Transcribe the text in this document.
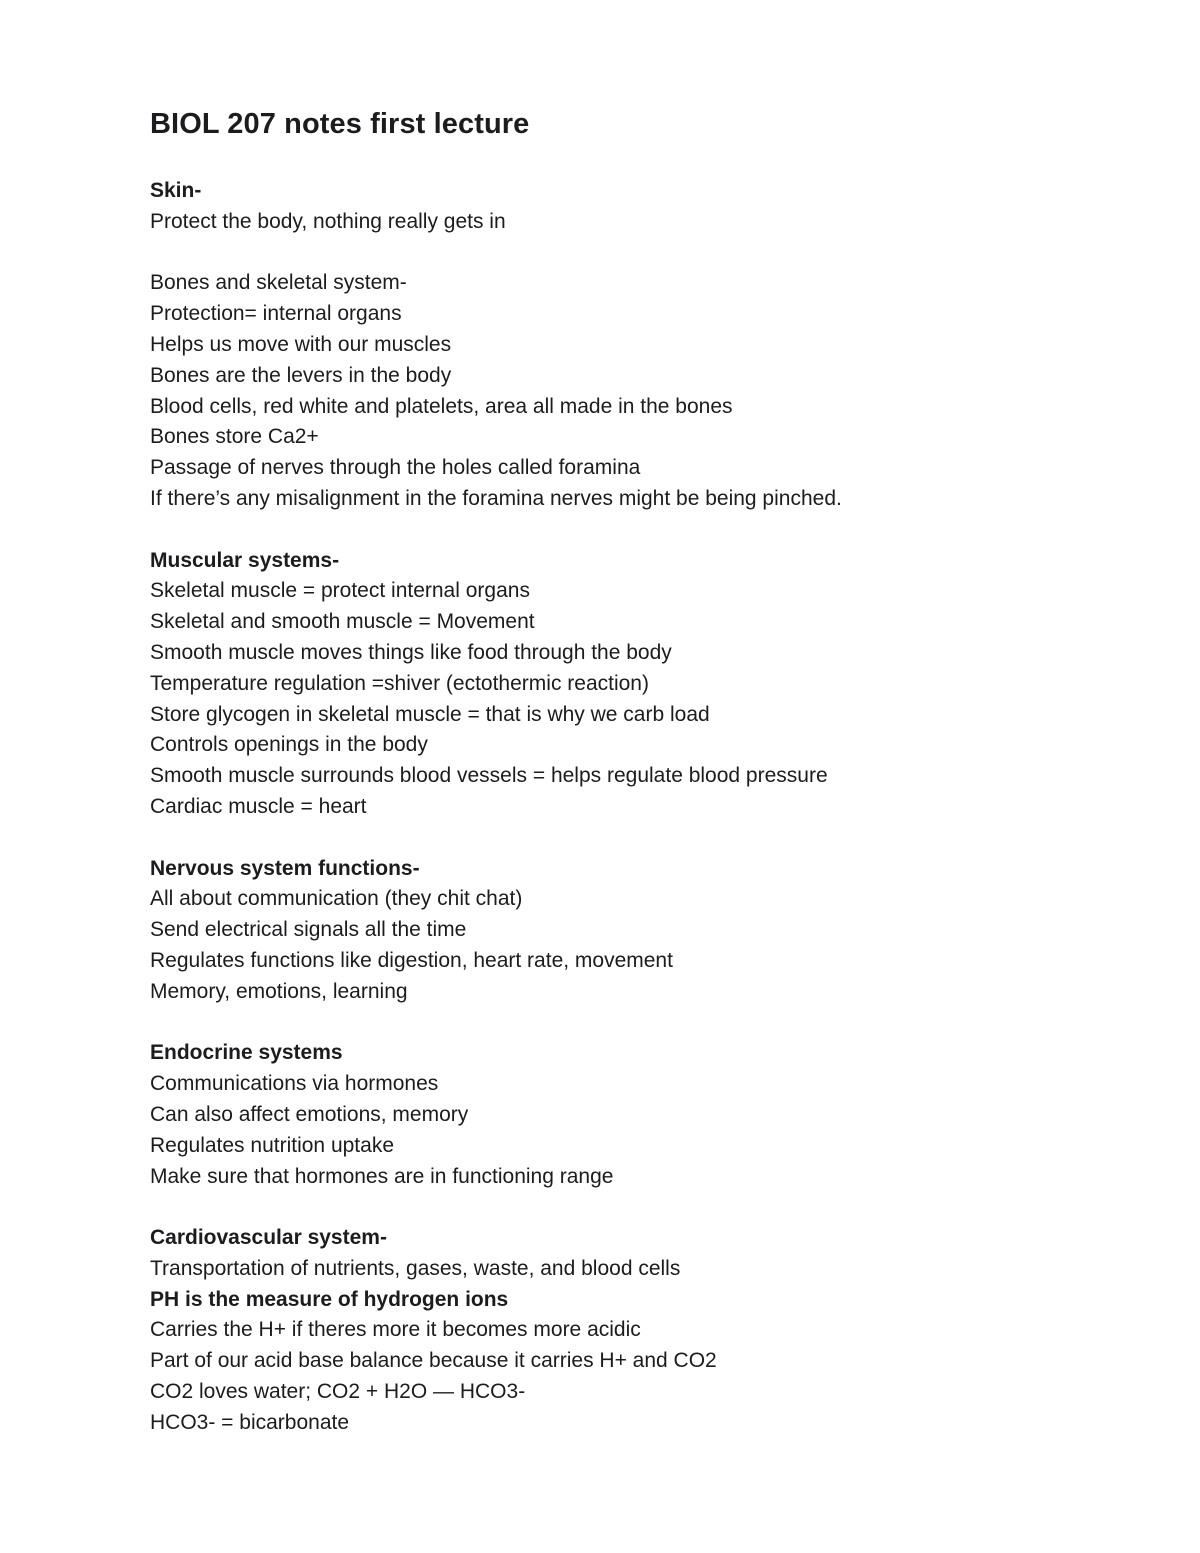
BIOL 207 notes first lecture
Skin-
Protect the body, nothing really gets in
Bones and skeletal system-
Protection= internal organs
Helps us move with our muscles
Bones are the levers in the body
Blood cells, red white and platelets, area all made in the bones
Bones store Ca2+
Passage of nerves through the holes called foramina
If there’s any misalignment in the foramina nerves might be being pinched.
Muscular systems-
Skeletal muscle = protect internal organs
Skeletal and smooth muscle = Movement
Smooth muscle moves things like food through the body
Temperature regulation =shiver (ectothermic reaction)
Store glycogen in skeletal muscle = that is why we carb load
Controls openings in the body
Smooth muscle surrounds blood vessels = helps regulate blood pressure
Cardiac muscle = heart
Nervous system functions-
All about communication (they chit chat)
Send electrical signals all the time
Regulates functions like digestion, heart rate, movement
Memory, emotions, learning
Endocrine systems
Communications via hormones
Can also affect emotions, memory
Regulates nutrition uptake
Make sure that hormones are in functioning range
Cardiovascular system-
Transportation of nutrients, gases, waste, and blood cells
PH is the measure of hydrogen ions
Carries the H+ if theres more it becomes more acidic
Part of our acid base balance because it carries H+ and CO2
CO2 loves water; CO2 + H2O — HCO3-
HCO3- = bicarbonate
